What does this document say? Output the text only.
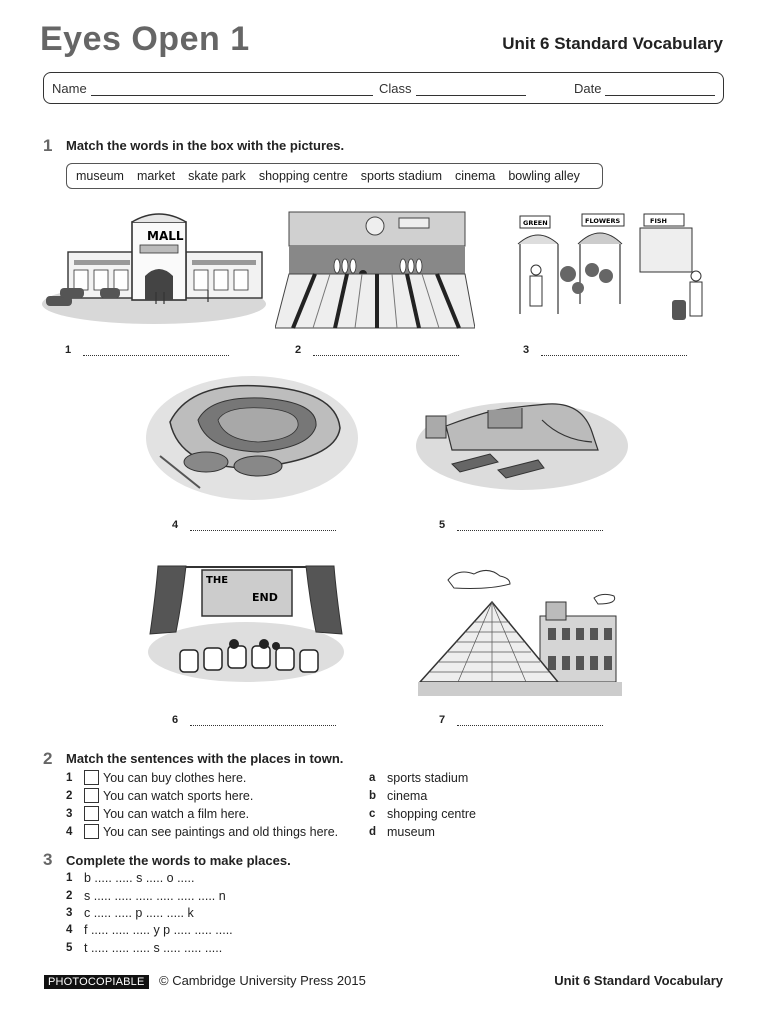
Eyes Open 1	Unit 6 Standard Vocabulary
Name	Class	Date
1 Match the words in the box with the pictures.
museum market skate park shopping centre sports stadium cinema bowling alley
MALL
GREEN	FLOWERS	FISH
THE
END
1	2	3
4	5
6	7
2 Match the sentences with the places in town.
1	You can buy clothes here.
2	You can watch sports here.
3	You can watch a film here.
4	You can see paintings and old things here.
a sports stadium
b cinema
c shopping centre
d museum
3 Complete the words to make places.
1 b ..... ..... s ..... o .....
2 s ..... ..... ..... ..... ..... ..... n
3 c ..... ..... p ..... ..... k
4 f ..... ..... ..... y p ..... ..... .....
5 t ..... ..... ..... s ..... ..... .....
PHOTOCOPIABLE	© Cambridge University Press 2015	Unit 6 Standard Vocabulary
